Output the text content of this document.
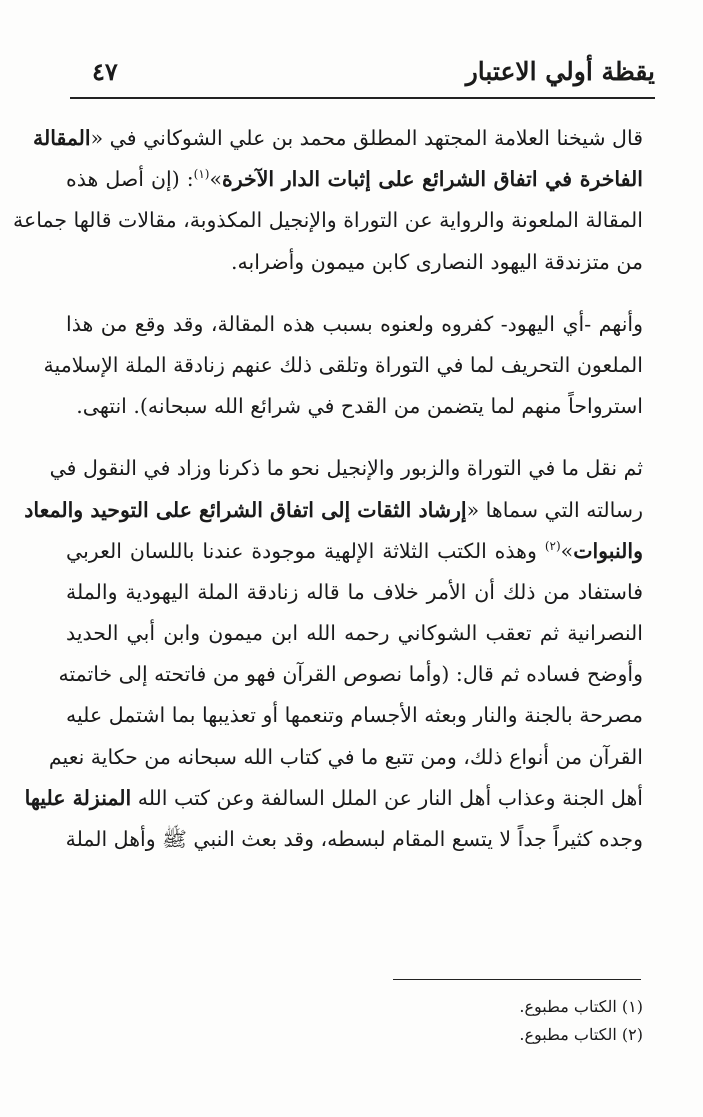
يقظة أولي الاعتبار
٤٧
قال شيخنا العلامة المجتهد المطلق محمد بن علي الشوكاني في «المقالة
الفاخرة في اتفاق الشرائع على إثبات الدار الآخرة»$^{(١)}$: (إن أصل هذه
المقالة الملعونة والرواية عن التوراة والإنجيل المكذوبة، مقالات قالها جماعة
من متزندقة اليهود النصارى كابن ميمون وأضرابه.
وأنهم -أي اليهود- كفروه ولعنوه بسبب هذه المقالة، وقد وقع من هذا
الملعون التحريف لما في التوراة وتلقى ذلك عنهم زنادقة الملة الإسلامية
استرواحاً منهم لما يتضمن من القدح في شرائع الله سبحانه). انتهى.
ثم نقل ما في التوراة والزبور والإنجيل نحو ما ذكرنا وزاد في النقول في
رسالته التي سماها «إرشاد الثقات إلى اتفاق الشرائع على التوحيد والمعاد
والنبوات»$^{(٢)}$ وهذه الكتب الثلاثة الإلهية موجودة عندنا باللسان العربي
فاستفاد من ذلك أن الأمر خلاف ما قاله زنادقة الملة اليهودية والملة
النصرانية ثم تعقب الشوكاني رحمه الله ابن ميمون وابن أبي الحديد
وأوضح فساده ثم قال: (وأما نصوص القرآن فهو من فاتحته إلى خاتمته
مصرحة بالجنة والنار وبعثه الأجسام وتنعمها أو تعذيبها بما اشتمل عليه
القرآن من أنواع ذلك، ومن تتبع ما في كتاب الله سبحانه من حكاية نعيم
أهل الجنة وعذاب أهل النار عن الملل السالفة وعن كتب الله المنزلة عليها
وجده كثيراً جداً لا يتسع المقام لبسطه، وقد بعث النبي ﷺ وأهل الملة
(١) الكتاب مطبوع.
(٢) الكتاب مطبوع.
